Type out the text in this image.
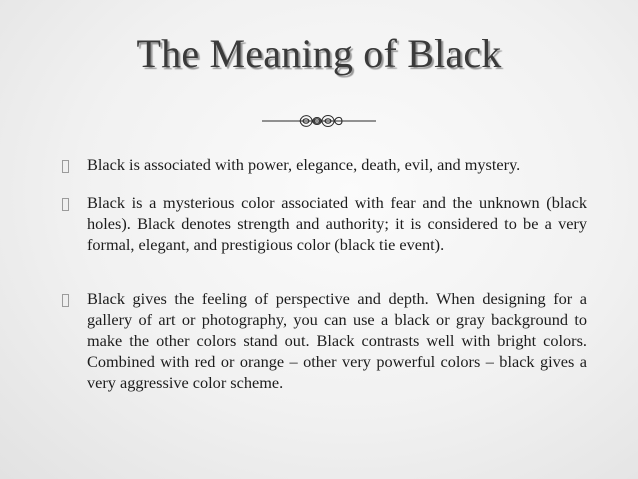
The Meaning of Black
Black is associated with power, elegance, death, evil, and mystery.
Black is a mysterious color associated with fear and the unknown (black holes). Black denotes strength and authority; it is considered to be a very formal, elegant, and prestigious color (black tie event).
Black gives the feeling of perspective and depth. When designing for a gallery of art or photography, you can use a black or gray background to make the other colors stand out. Black contrasts well with bright colors. Combined with red or orange – other very powerful colors – black gives a very aggressive color scheme.
